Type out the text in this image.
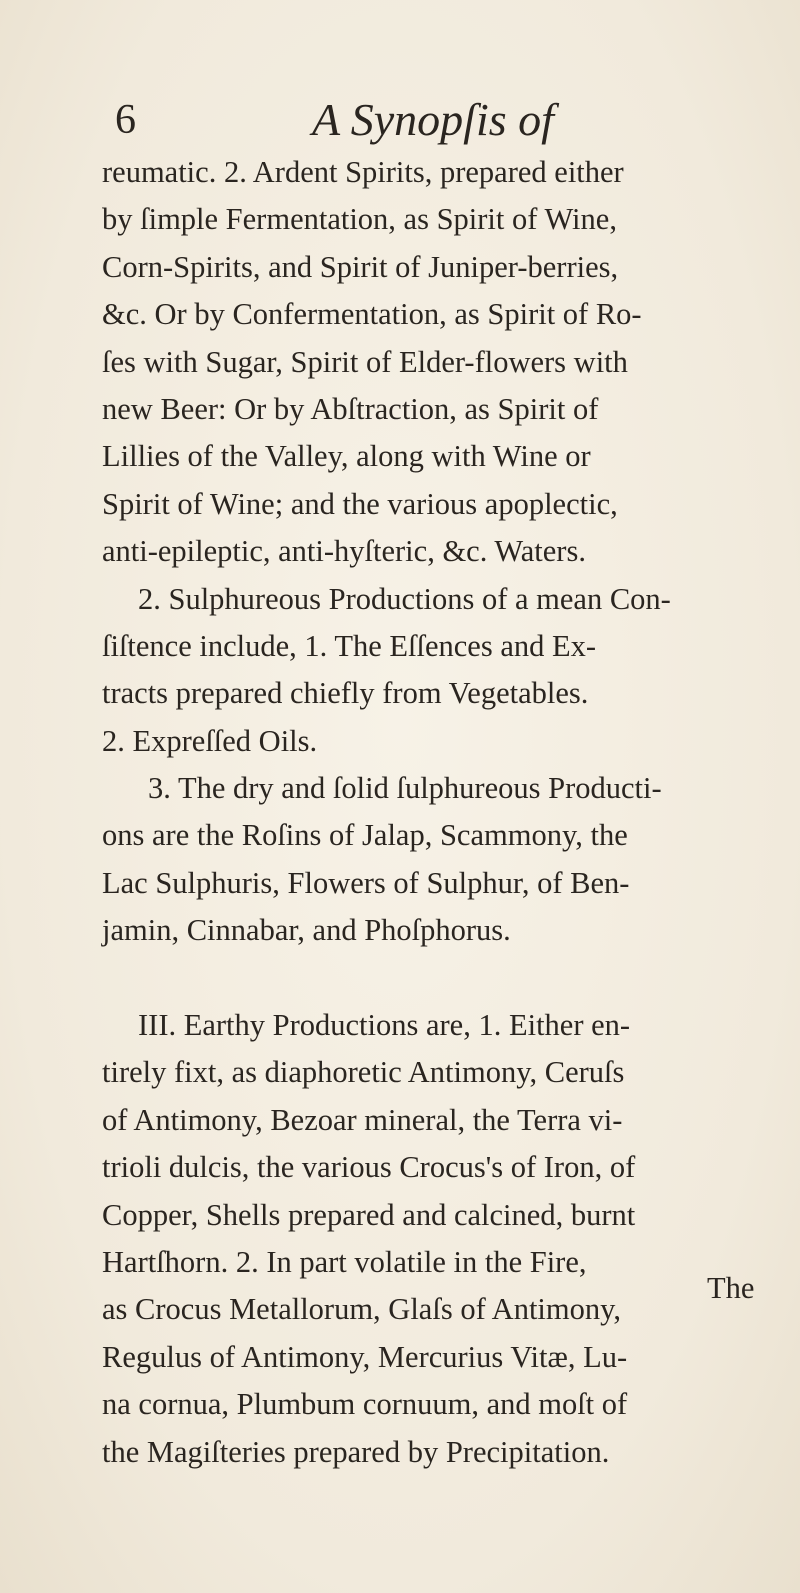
6	A Synopſis of
reumatic. 2. Ardent Spirits, prepared either
by ſimple Fermentation, as Spirit of Wine,
Corn-Spirits, and Spirit of Juniper-berries,
&c. Or by Confermentation, as Spirit of Ro-
ſes with Sugar, Spirit of Elder-flowers with
new Beer: Or by Abſtraction, as Spirit of
Lillies of the Valley, along with Wine or
Spirit of Wine; and the various apoplectic,
anti-epileptic, anti-hyſteric, &c. Waters.
2. Sulphureous Productions of a mean Con-
ſiſtence include, 1. The Eſſences and Ex-
tracts prepared chiefly from Vegetables.
2. Expreſſed Oils.
3. The dry and ſolid ſulphureous Producti-
ons are the Roſins of Jalap, Scammony, the
Lac Sulphuris, Flowers of Sulphur, of Ben-
jamin, Cinnabar, and Phoſphorus.
III. Earthy Productions are, 1. Either en-
tirely fixt, as diaphoretic Antimony, Ceruſs
of Antimony, Bezoar mineral, the Terra vi-
trioli dulcis, the various Crocus's of Iron, of
Copper, Shells prepared and calcined, burnt
Hartſhorn. 2. In part volatile in the Fire,
as Crocus Metallorum, Glaſs of Antimony,
Regulus of Antimony, Mercurius Vitæ, Lu-
na cornua, Plumbum cornuum, and moſt of
the Magiſteries prepared by Precipitation.
The
